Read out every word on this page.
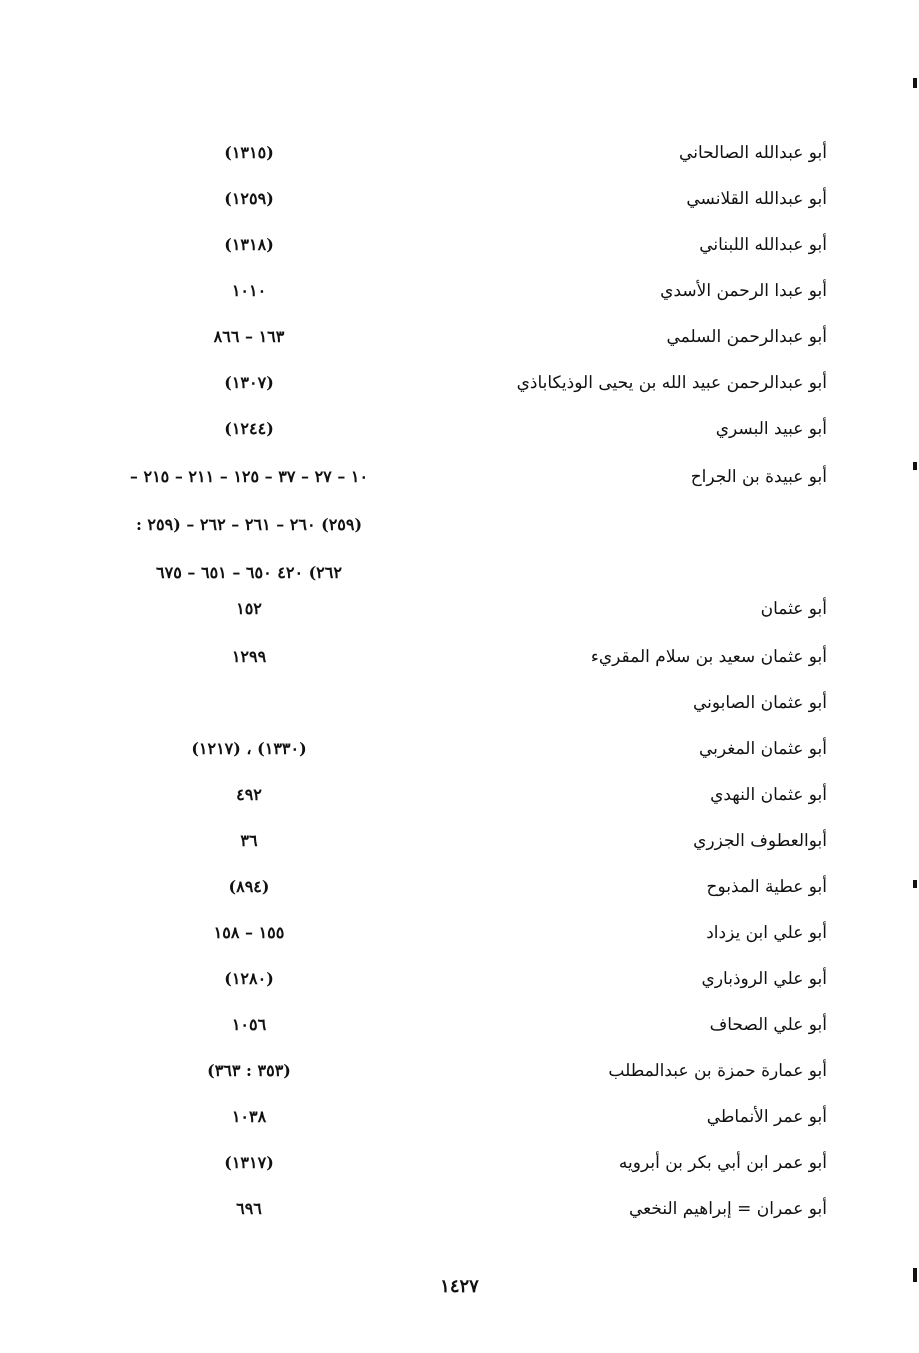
أبو عبدالله الصالحاني
(١٣١٥)
أبو عبدالله القلانسي
(١٢٥٩)
أبو عبدالله اللبناني
(١٣١٨)
أبو عبدا الرحمن الأسدي
١٠١٠
أبو عبدالرحمن السلمي
١٦٣ – ٨٦٦
أبو عبدالرحمن عبيد الله بن يحيى الوذيكاباذي
(١٣٠٧)
أبو عبيد البسري
(١٢٤٤)
أبو عبيدة بن الجراح
١٠ – ٢٧ – ٣٧ – ١٢٥ – ٢١١ – ٢١٥ –
(٢٥٩) ٢٦٠ – ٢٦١ – ٢٦٢ – (٢٥٩ :
٢٦٢) ٤٢٠ ٦٥٠ – ٦٥١ – ٦٧٥
أبو عثمان
١٥٢
أبو عثمان سعيد بن سلام المقريء
١٢٩٩
أبو عثمان الصابوني
أبو عثمان المغربي
(١٣٣٠) ، (١٢١٧)
أبو عثمان النهدي
٤٩٢
أبوالعطوف الجزري
٣٦
أبو عطية المذبوح
(٨٩٤)
أبو علي ابن يزداد
١٥٥ – ١٥٨
أبو علي الروذباري
(١٢٨٠)
أبو علي الصحاف
١٠٥٦
أبو عمارة حمزة بن عبدالمطلب
(٣٥٣ : ٣٦٣)
أبو عمر الأنماطي
١٠٣٨
أبو عمر ابن أبي بكر بن أبرويه
(١٣١٧)
أبو عمران = إبراهيم النخعي
٦٩٦
١٤٢٧
